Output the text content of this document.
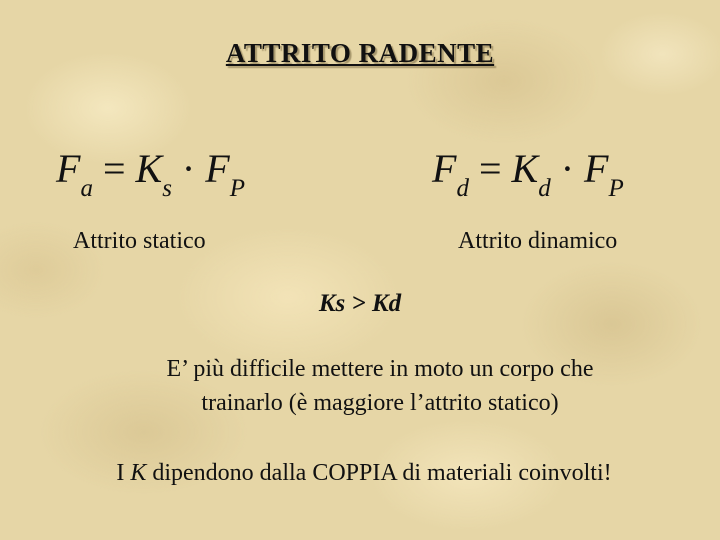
ATTRITO RADENTE
$F_a = K_s \cdot F_P$	$F_d = K_d \cdot F_P$
Attrito statico	Attrito dinamico
Ks > Kd
E’ più difficile mettere in moto un corpo che
trainarlo (è maggiore l’attrito statico)
I K dipendono dalla COPPIA di materiali coinvolti!
